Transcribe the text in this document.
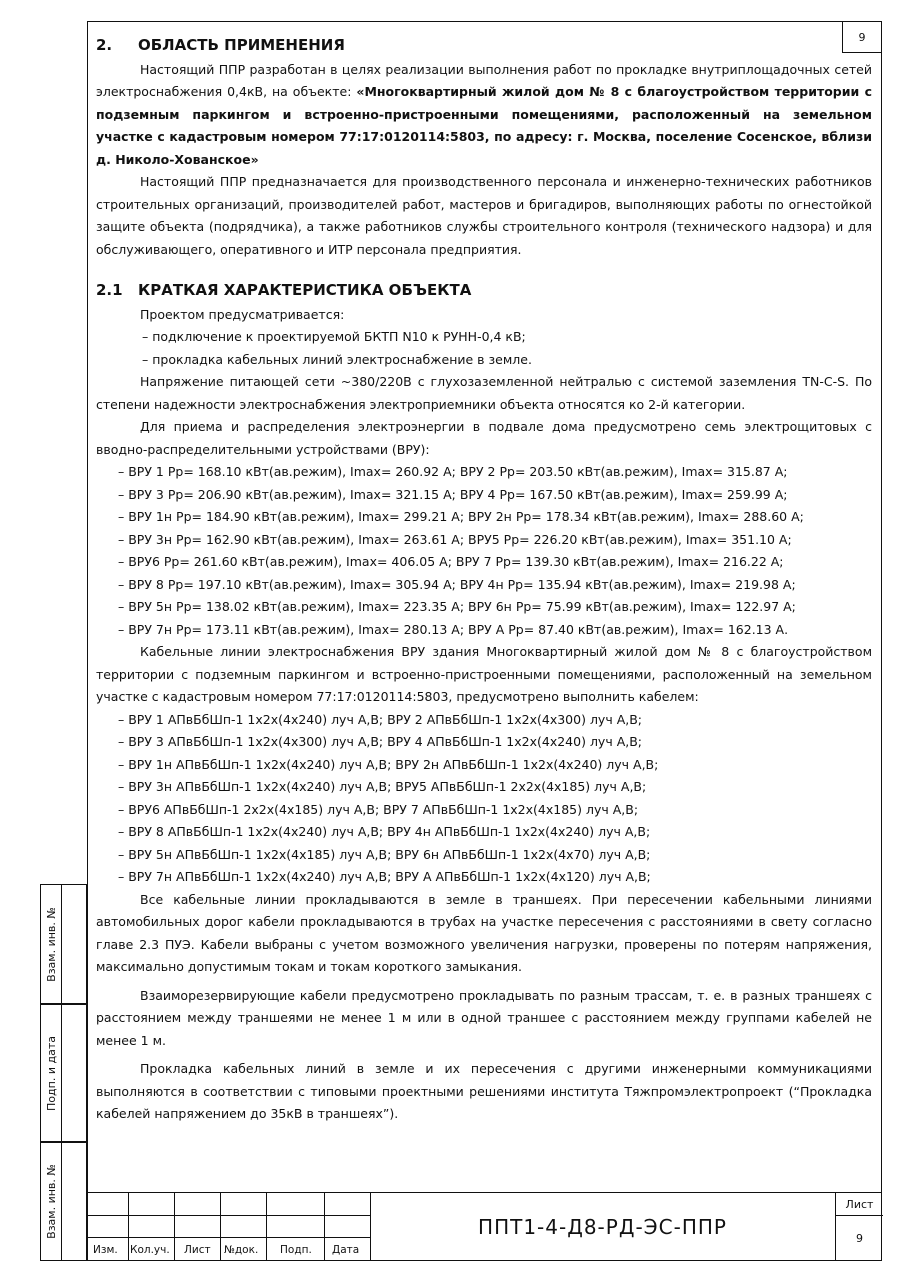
9
2. ОБЛАСТЬ ПРИМЕНЕНИЯ
Настоящий ППР разработан в целях реализации выполнения работ по прокладке внутриплощадочных сетей электроснабжения 0,4кВ, на объекте: «Многоквартирный жилой дом № 8 с благоустройством территории с подземным паркингом и встроенно-пристроенными помещениями, расположенный на земельном участке с кадастровым номером 77:17:0120114:5803, по адресу: г. Москва, поселение Сосенское, вблизи д. Николо-Хованское»
Настоящий ППР предназначается для производственного персонала и инженерно-технических работников строительных организаций, производителей работ, мастеров и бригадиров, выполняющих работы по огнестойкой защите объекта (подрядчика), а также работников службы строительного контроля (технического надзора) и для обслуживающего, оперативного и ИТР персонала предприятия.
2.1 КРАТКАЯ ХАРАКТЕРИСТИКА ОБЪЕКТА
Проектом предусматривается:
– подключение к проектируемой БКТП N10 к РУНН-0,4 кВ;
– прокладка кабельных линий электроснабжение в земле.
Напряжение питающей сети ~380/220В с глухозаземленной нейтралью с системой заземления TN-C-S. По степени надежности электроснабжения электроприемники объекта относятся ко 2-й категории.
Для приема и распределения электроэнергии в подвале дома предусмотрено семь электрощитовых с вводно-распределительными устройствами (ВРУ):
– ВРУ 1 Рр= 168.10 кВт(ав.режим), Imax= 260.92 А; ВРУ 2 Рр= 203.50 кВт(ав.режим), Imax= 315.87 А;
– ВРУ 3 Рр= 206.90 кВт(ав.режим), Imax= 321.15 А; ВРУ 4 Рр= 167.50 кВт(ав.режим), Imax= 259.99 А;
– ВРУ 1н Рр= 184.90 кВт(ав.режим), Imax= 299.21 А; ВРУ 2н Рр= 178.34 кВт(ав.режим), Imax= 288.60 А;
– ВРУ 3н Рр= 162.90 кВт(ав.режим), Imax= 263.61 А; ВРУ5 Рр= 226.20 кВт(ав.режим), Imax= 351.10 А;
– ВРУ6 Рр= 261.60 кВт(ав.режим), Imax= 406.05 А; ВРУ 7 Рр= 139.30 кВт(ав.режим), Imax= 216.22 А;
– ВРУ 8 Рр= 197.10 кВт(ав.режим), Imax= 305.94 А; ВРУ 4н Рр= 135.94 кВт(ав.режим), Imax= 219.98 А;
– ВРУ 5н Рр= 138.02 кВт(ав.режим), Imax= 223.35 А; ВРУ 6н Рр= 75.99 кВт(ав.режим), Imax= 122.97 А;
– ВРУ 7н Рр= 173.11 кВт(ав.режим), Imax= 280.13 А; ВРУ А Рр= 87.40 кВт(ав.режим), Imax= 162.13 А.
Кабельные линии электроснабжения ВРУ здания Многоквартирный жилой дом № 8 с благоустройством территории с подземным паркингом и встроенно-пристроенными помещениями, расположенный на земельном участке с кадастровым номером 77:17:0120114:5803, предусмотрено выполнить кабелем:
– ВРУ 1 АПвБбШп-1 1х2х(4х240) луч А,В; ВРУ 2 АПвБбШп-1 1х2х(4х300) луч А,В;
– ВРУ 3 АПвБбШп-1 1х2х(4х300) луч А,В; ВРУ 4 АПвБбШп-1 1х2х(4х240) луч А,В;
– ВРУ 1н АПвБбШп-1 1х2х(4х240) луч А,В; ВРУ 2н АПвБбШп-1 1х2х(4х240) луч А,В;
– ВРУ 3н АПвБбШп-1 1х2х(4х240) луч А,В; ВРУ5 АПвБбШп-1 2х2х(4х185) луч А,В;
– ВРУ6 АПвБбШп-1 2х2х(4х185) луч А,В; ВРУ 7 АПвБбШп-1 1х2х(4х185) луч А,В;
– ВРУ 8 АПвБбШп-1 1х2х(4х240) луч А,В; ВРУ 4н АПвБбШп-1 1х2х(4х240) луч А,В;
– ВРУ 5н АПвБбШп-1 1х2х(4х185) луч А,В; ВРУ 6н АПвБбШп-1 1х2х(4х70) луч А,В;
– ВРУ 7н АПвБбШп-1 1х2х(4х240) луч А,В; ВРУ А АПвБбШп-1 1х2х(4х120) луч А,В;
Все кабельные линии прокладываются в земле в траншеях. При пересечении кабельными линиями автомобильных дорог кабели прокладываются в трубах на участке пересечения с расстояниями в свету согласно главе 2.3 ПУЭ. Кабели выбраны с учетом возможного увеличения нагрузки, проверены по потерям напряжения, максимально допустимым токам и токам короткого замыкания.
Взаиморезервирующие кабели предусмотрено прокладывать по разным трассам, т. е. в разных траншеях с расстоянием между траншеями не менее 1 м или в одной траншее с расстоянием между группами кабелей не менее 1 м.
Прокладка кабельных линий в земле и их пересечения с другими инженерными коммуникациями выполняются в соответствии с типовыми проектными решениями института Тяжпромэлектропроект (“Прокладка кабелей напряжением до 35кВ в траншеях”).
Взам. инв. №
Подп. и дата
Взам. инв. №
Изм. Кол.уч. Лист №док. Подп. Дата
ППТ1-4-Д8-РД-ЭС-ППР
Лист
9
